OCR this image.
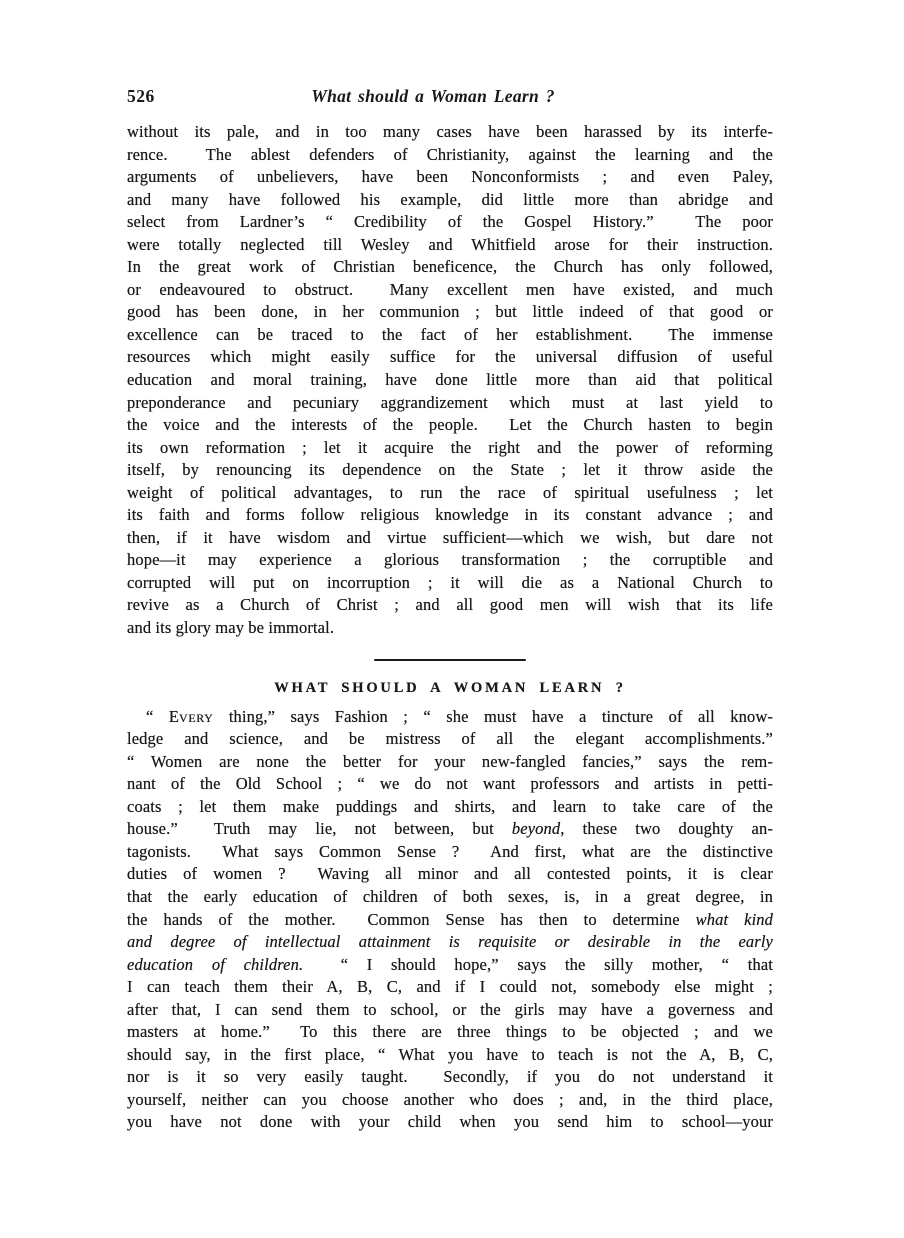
526	What should a Woman Learn ?
without its pale, and in too many cases have been harassed by its interfe-
rence.  The ablest defenders of Christianity, against the learning and the
arguments of unbelievers, have been Nonconformists ; and even Paley,
and many have followed his example, did little more than abridge and
select from Lardner’s “ Credibility of the Gospel History.”  The poor
were totally neglected till Wesley and Whitfield arose for their instruction.
In the great work of Christian beneficence, the Church has only followed,
or endeavoured to obstruct.  Many excellent men have existed, and much
good has been done, in her communion ; but little indeed of that good or
excellence can be traced to the fact of her establishment.  The immense
resources which might easily suffice for the universal diffusion of useful
education and moral training, have done little more than aid that political
preponderance and pecuniary aggrandizement which must at last yield to
the voice and the interests of the people.  Let the Church hasten to begin
its own reformation ; let it acquire the right and the power of reforming
itself, by renouncing its dependence on the State ; let it throw aside the
weight of political advantages, to run the race of spiritual usefulness ; let
its faith and forms follow religious knowledge in its constant advance ; and
then, if it have wisdom and virtue sufficient—which we wish, but dare not
hope—it may experience a glorious transformation ; the corruptible and
corrupted will put on incorruption ; it will die as a National Church to
revive as a Church of Christ ; and all good men will wish that its life
and its glory may be immortal.
WHAT SHOULD A WOMAN LEARN ?
“ Every thing,” says Fashion ; “ she must have a tincture of all know-
ledge and science, and be mistress of all the elegant accomplishments.”
“ Women are none the better for your new-fangled fancies,” says the rem-
nant of the Old School ; “ we do not want professors and artists in petti-
coats ; let them make puddings and shirts, and learn to take care of the
house.”  Truth may lie, not between, but beyond, these two doughty an-
tagonists.  What says Common Sense ?  And first, what are the distinctive
duties of women ?  Waving all minor and all contested points, it is clear
that the early education of children of both sexes, is, in a great degree, in
the hands of the mother.  Common Sense has then to determine what kind
and degree of intellectual attainment is requisite or desirable in the early
education of children.  “ I should hope,” says the silly mother, “ that
I can teach them their A, B, C, and if I could not, somebody else might ;
after that, I can send them to school, or the girls may have a governess and
masters at home.”  To this there are three things to be objected ; and we
should say, in the first place, “ What you have to teach is not the A, B, C,
nor is it so very easily taught.  Secondly, if you do not understand it
yourself, neither can you choose another who does ; and, in the third place,
you have not done with your child when you send him to school—your
